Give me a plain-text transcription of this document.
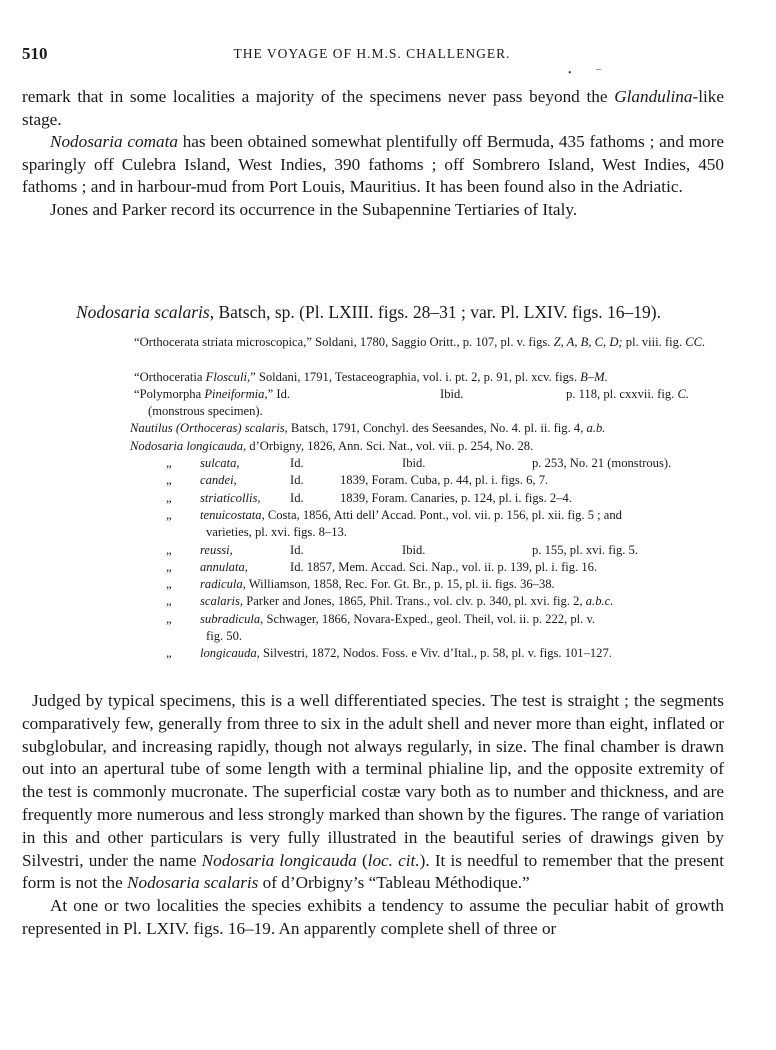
510	THE VOYAGE OF H.M.S. CHALLENGER.
• –

remark that in some localities a majority of the specimens never pass beyond the Glandulina-like stage.

Nodosaria comata has been obtained somewhat plentifully off Bermuda, 435 fathoms ; and more sparingly off Culebra Island, West Indies, 390 fathoms ; off Sombrero Island, West Indies, 450 fathoms ; and in harbour-mud from Port Louis, Mauritius. It has been found also in the Adriatic.

Jones and Parker record its occurrence in the Subapennine Tertiaries of Italy.

Nodosaria scalaris, Batsch, sp. (Pl. LXIII. figs. 28–31 ; var. Pl. LXIV. figs. 16–19).

“Orthocerata striata microscopica,” Soldani, 1780, Saggio Oritt., p. 107, pl. v. figs. Z, A, B, C, D; pl. viii. fig. CC.
“Orthoceratia Flosculi,” Soldani, 1791, Testaceographia, vol. i. pt. 2, p. 91, pl. xcv. figs. B–M.
“Polymorpha Pineiformia,” Id.	Ibid.	p. 118, pl. cxxvii. fig. C.
(monstrous specimen).
Nautilus (Orthoceras) scalaris, Batsch, 1791, Conchyl. des Seesandes, No. 4. pl. ii. fig. 4, a.b.
Nodosaria longicauda, d’Orbigny, 1826, Ann. Sci. Nat., vol. vii. p. 254, No. 28.
„ sulcata,	Id.	Ibid.	p. 253, No. 21 (monstrous).
„ candei,	Id.	1839, Foram. Cuba, p. 44, pl. i. figs. 6, 7.
„ striaticollis, Id.	1839, Foram. Canaries, p. 124, pl. i. figs. 2–4.
„	tenuicostata, Costa, 1856, Atti dell’ Accad. Pont., vol. vii. p. 156, pl. xii. fig. 5 ; and
varieties, pl. xvi. figs. 8–13.
„ reussi,	Id.	Ibid.	p. 155, pl. xvi. fig. 5.
„ annulata,	Id. 1857, Mem. Accad. Sci. Nap., vol. ii. p. 139, pl. i. fig. 16.
„ radicula, Williamson, 1858, Rec. For. Gt. Br., p. 15, pl. ii. figs. 36–38.
„ scalaris, Parker and Jones, 1865, Phil. Trans., vol. clv. p. 340, pl. xvi. fig. 2, a.b.c.
„	subradicula, Schwager, 1866, Novara-Exped., geol. Theil, vol. ii. p. 222, pl. v.
fig. 50.
„ longicauda, Silvestri, 1872, Nodos. Foss. e Viv. d’Ital., p. 58, pl. v. figs. 101–127.

Judged by typical specimens, this is a well differentiated species. The test is straight ; the segments comparatively few, generally from three to six in the adult shell and never more than eight, inflated or subglobular, and increasing rapidly, though not always regularly, in size. The final chamber is drawn out into an apertural tube of some length with a terminal phialine lip, and the opposite extremity of the test is commonly mucronate. The superficial costæ vary both as to number and thickness, and are frequently more numerous and less strongly marked than shown by the figures. The range of variation in this and other particulars is very fully illustrated in the beautiful series of drawings given by Silvestri, under the name Nodosaria longicauda (loc. cit.). It is needful to remember that the present form is not the Nodosaria scalaris of d’Orbigny’s “Tableau Méthodique.”

At one or two localities the species exhibits a tendency to assume the peculiar habit of growth represented in Pl. LXIV. figs. 16–19. An apparently complete shell of three or
